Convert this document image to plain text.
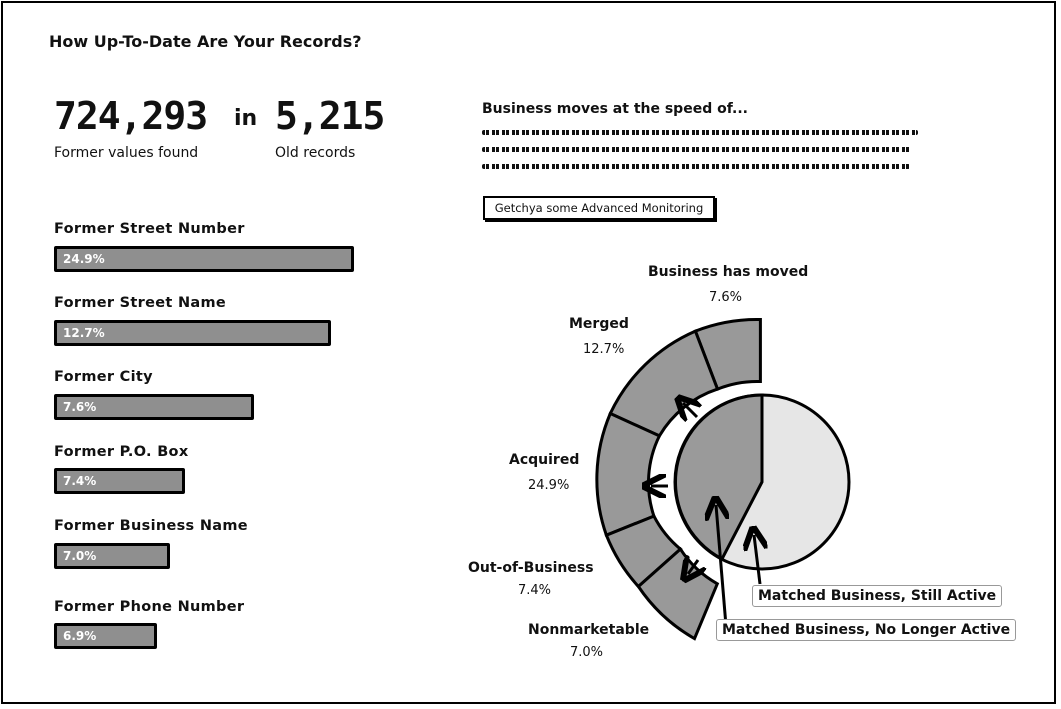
How Up-To-Date Are Your Records?
724,293 in 5,215
Former values found	Old records
Former Street Number
24.9%
Former Street Name
12.7%
Former City
7.6%
Former P.O. Box
7.4%
Former Business Name
7.0%
Former Phone Number
6.9%
Business moves at the speed of...
Getchya some Advanced Monitoring
Business has moved
7.6%
Merged
12.7%
Acquired
24.9%
Out-of-Business
7.4%
Nonmarketable
7.0%
Matched Business, Still Active
Matched Business, No Longer Active
